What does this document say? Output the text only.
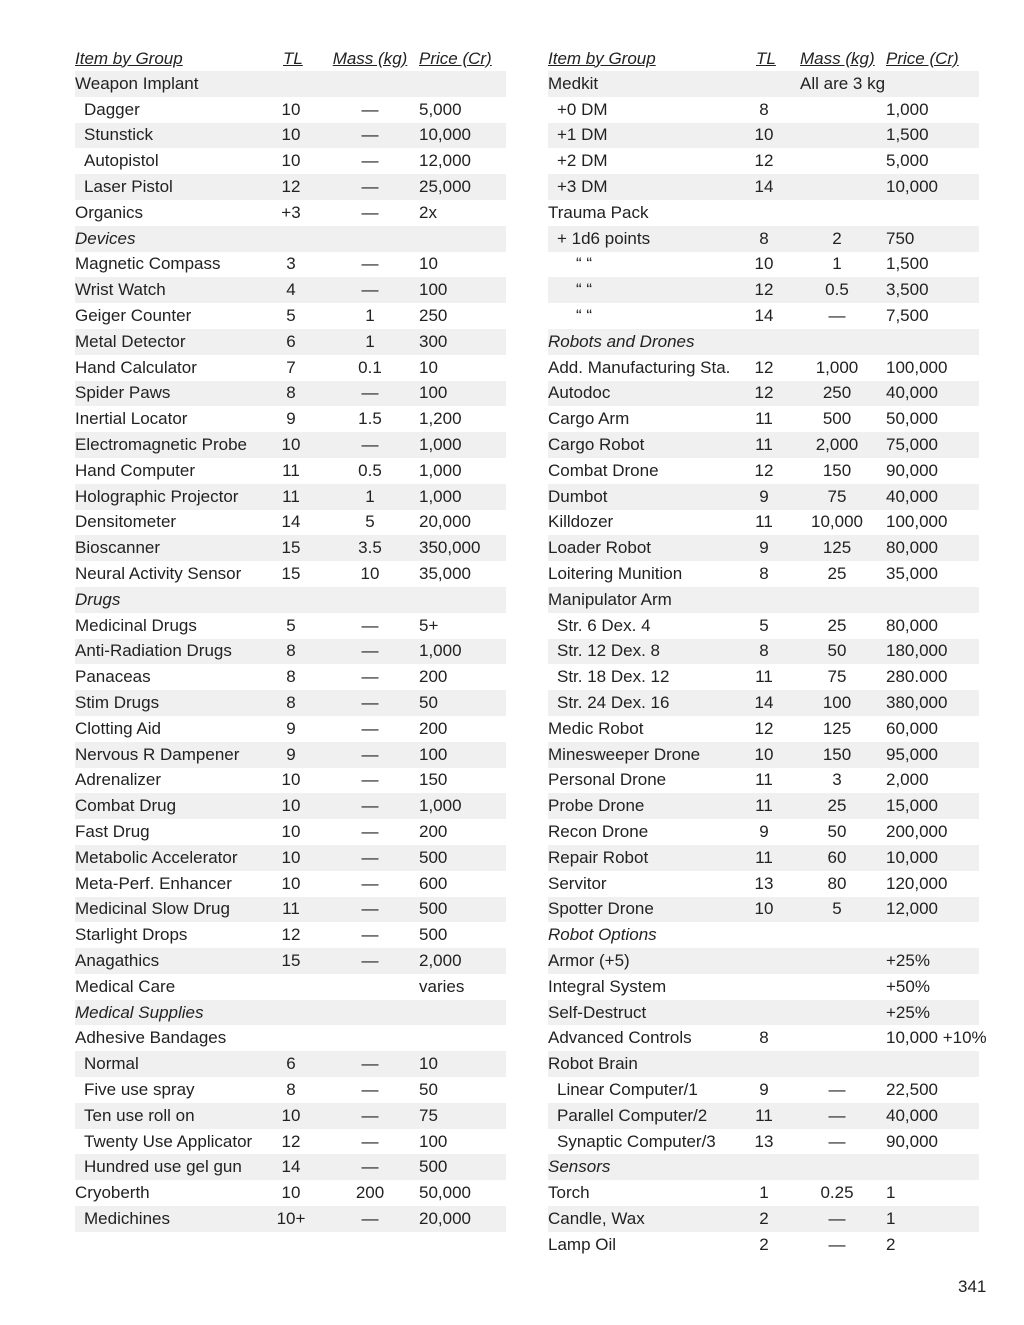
Item by Group	TL	Mass (kg)	Price (Cr)
Weapon Implant			
Dagger	10	—	5,000
Stunstick	10	—	10,000
Autopistol	10	—	12,000
Laser Pistol	12	—	25,000
Organics	+3	—	2x
Devices			
Magnetic Compass	3	—	10
Wrist Watch	4	—	100
Geiger Counter	5	1	250
Metal Detector	6	1	300
Hand Calculator	7	0.1	10
Spider Paws	8	—	100
Inertial Locator	9	1.5	1,200
Electromagnetic Probe	10	—	1,000
Hand Computer	11	0.5	1,000
Holographic Projector	11	1	1,000
Densitometer	14	5	20,000
Bioscanner	15	3.5	350,000
Neural Activity Sensor	15	10	35,000
Drugs			
Medicinal Drugs	5	—	5+
Anti-Radiation Drugs	8	—	1,000
Panaceas	8	—	200
Stim Drugs	8	—	50
Clotting Aid	9	—	200
Nervous R Dampener	9	—	100
Adrenalizer	10	—	150
Combat Drug	10	—	1,000
Fast Drug	10	—	200
Metabolic Accelerator	10	—	500
Meta-Perf. Enhancer	10	—	600
Medicinal Slow Drug	11	—	500
Starlight Drops	12	—	500
Anagathics	15	—	2,000
Medical Care			varies
Medical Supplies			
Adhesive Bandages			
Normal	6	—	10
Five use spray	8	—	50
Ten use roll on	10	—	75
Twenty Use Applicator	12	—	100
Hundred use gel gun	14	—	500
Cryoberth	10	200	50,000
Medichines	10+	—	20,000
Item by Group	TL	Mass (kg)	Price (Cr)
Medkit		All are 3 kg	
+0 DM	8		1,000
+1 DM	10		1,500
+2 DM	12		5,000
+3 DM	14		10,000
Trauma Pack			
+ 1d6 points	8	2	750
“ “	10	1	1,500
“ “	12	0.5	3,500
“ “	14	—	7,500
Robots and Drones			
Add. Manufacturing Sta.	12	1,000	100,000
Autodoc	12	250	40,000
Cargo Arm	11	500	50,000
Cargo Robot	11	2,000	75,000
Combat Drone	12	150	90,000
Dumbot	9	75	40,000
Killdozer	11	10,000	100,000
Loader Robot	9	125	80,000
Loitering Munition	8	25	35,000
Manipulator Arm			
Str. 6 Dex. 4	5	25	80,000
Str. 12 Dex. 8	8	50	180,000
Str. 18 Dex. 12	11	75	280.000
Str. 24 Dex. 16	14	100	380,000
Medic Robot	12	125	60,000
Minesweeper Drone	10	150	95,000
Personal Drone	11	3	2,000
Probe Drone	11	25	15,000
Recon Drone	9	50	200,000
Repair Robot	11	60	10,000
Servitor	13	80	120,000
Spotter Drone	10	5	12,000
Robot Options			
Armor (+5)			+25%
Integral System			+50%
Self-Destruct			+25%
Advanced Controls	8		10,000 +10%
Robot Brain			
Linear Computer/1	9	—	22,500
Parallel Computer/2	11	—	40,000
Synaptic Computer/3	13	—	90,000
Sensors			
Torch	1	0.25	1
Candle, Wax	2	—	1
Lamp Oil	2	—	2
341
